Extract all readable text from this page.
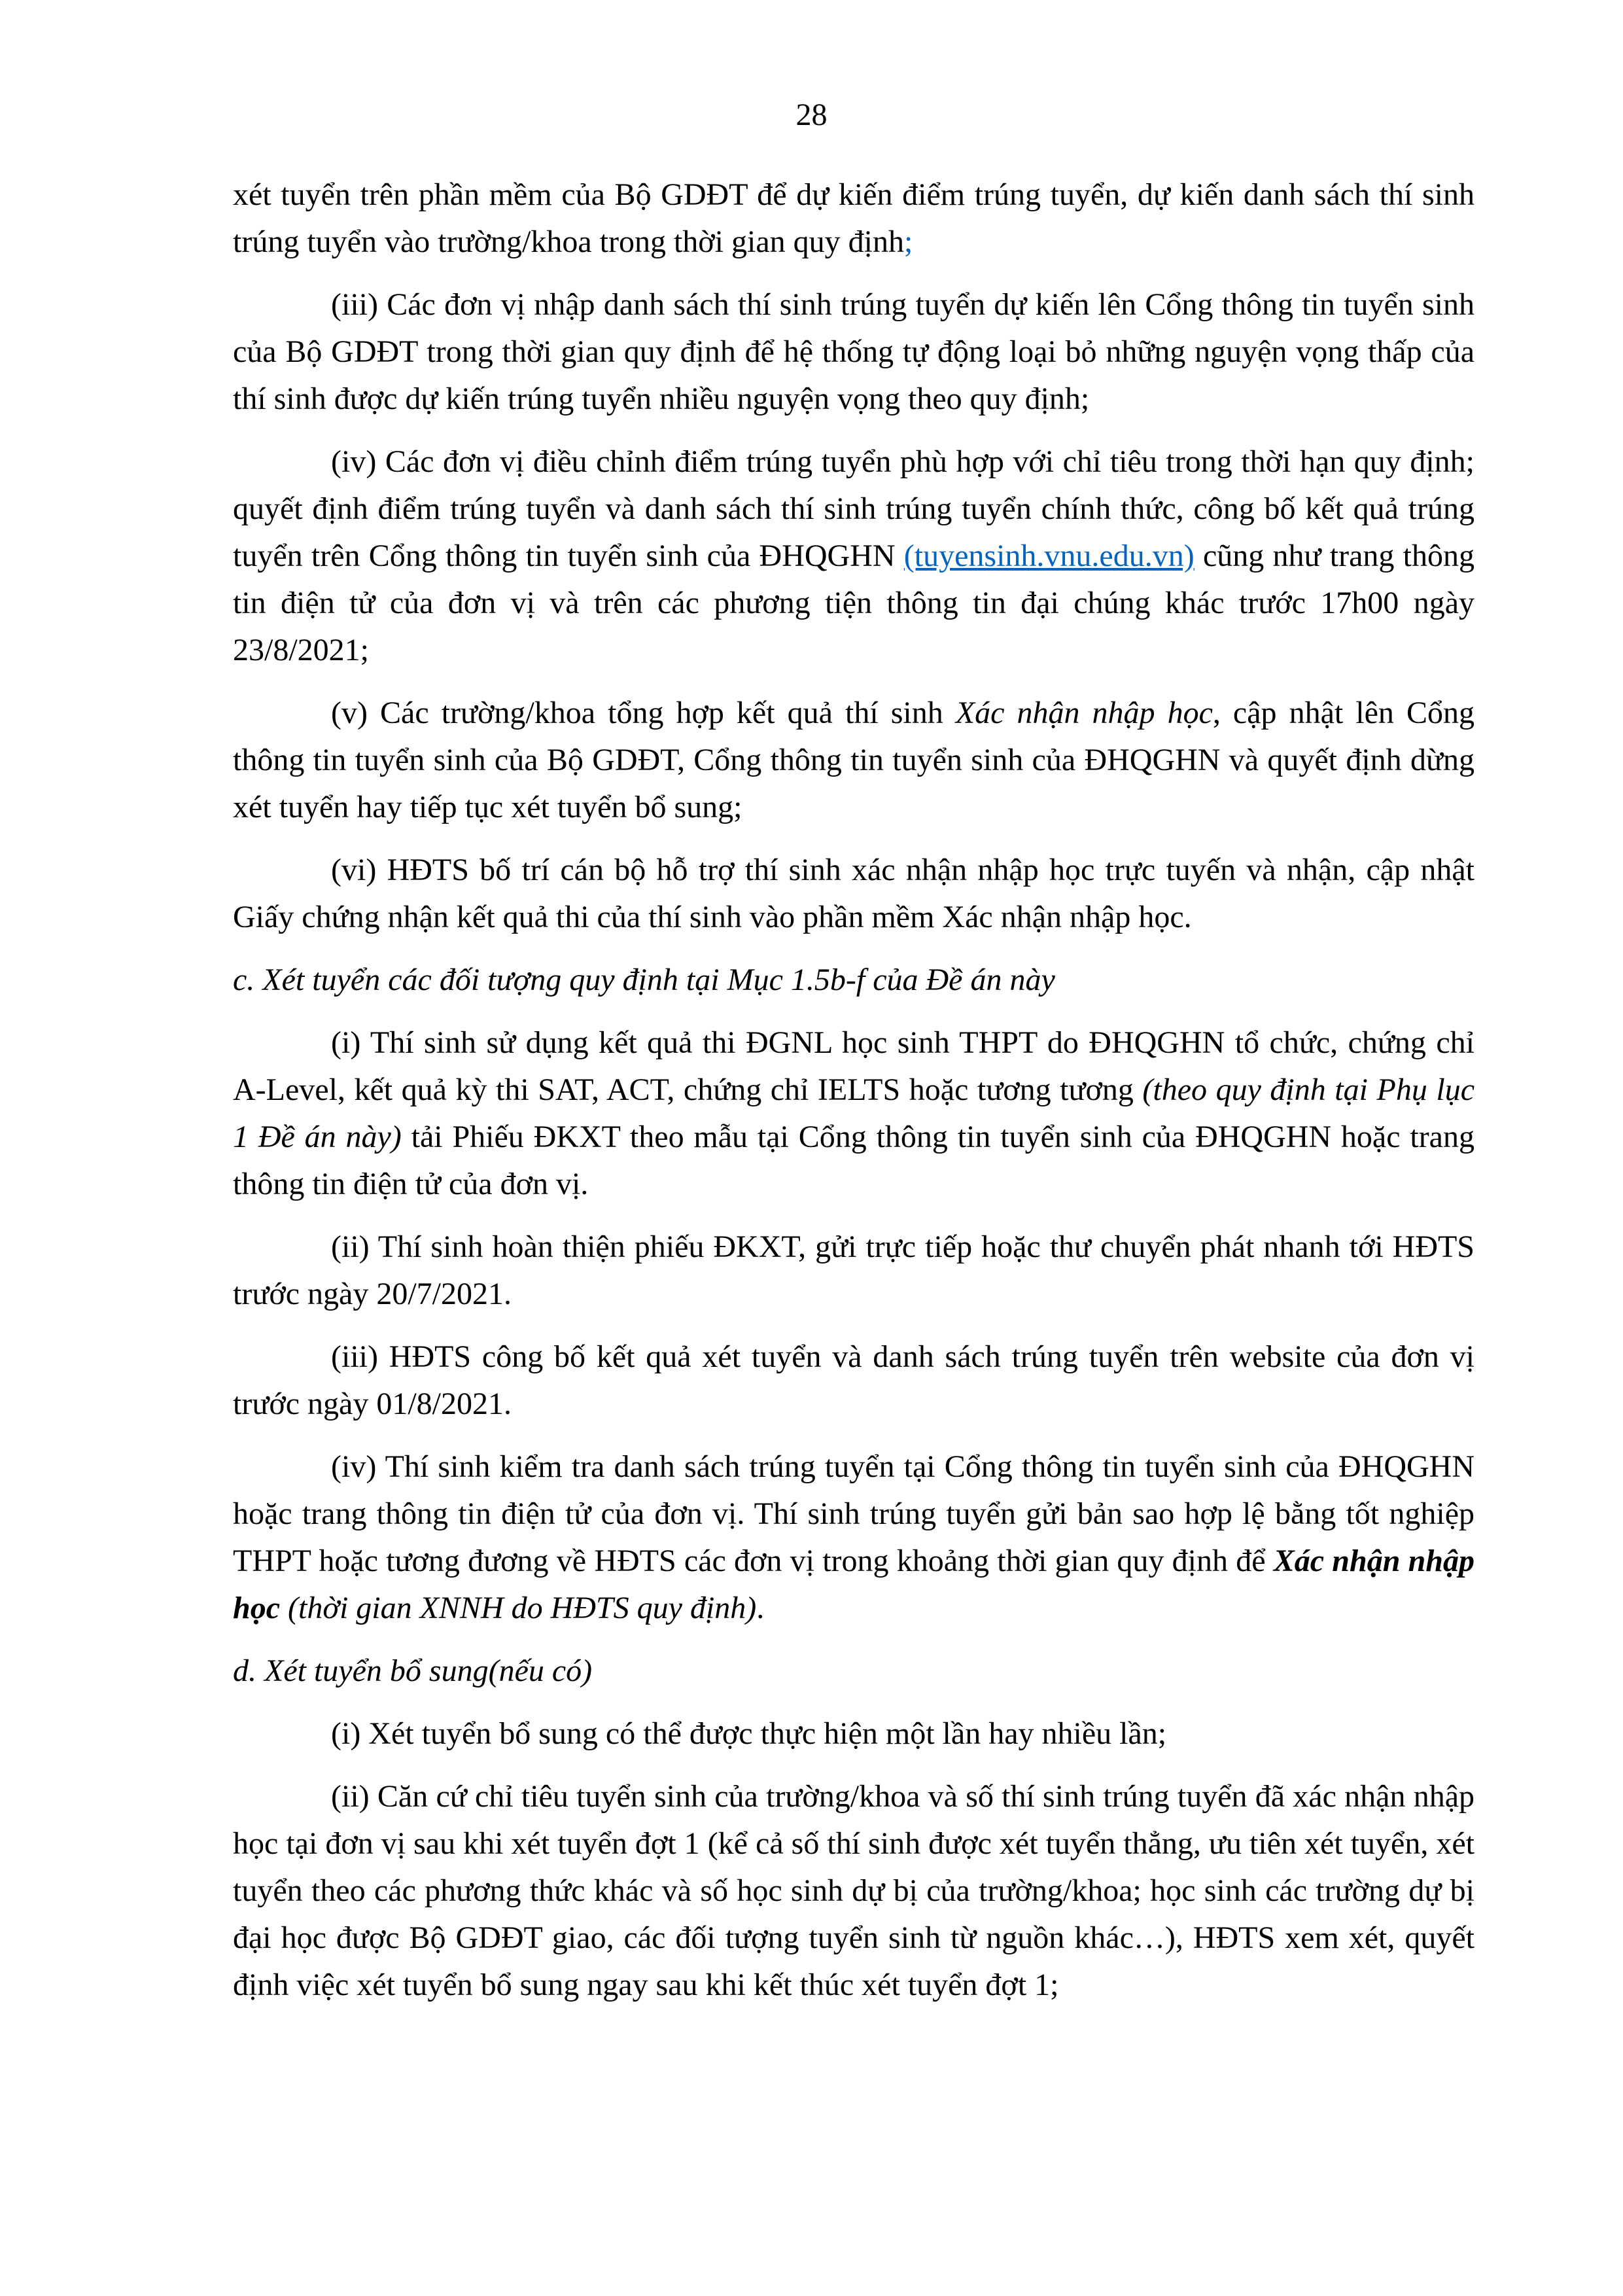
28

xét tuyển trên phần mềm của Bộ GDĐT để dự kiến điểm trúng tuyển, dự kiến danh sách thí sinh trúng tuyển vào trường/khoa trong thời gian quy định;

(iii) Các đơn vị nhập danh sách thí sinh trúng tuyển dự kiến lên Cổng thông tin tuyển sinh của Bộ GDĐT trong thời gian quy định để hệ thống tự động loại bỏ những nguyện vọng thấp của thí sinh được dự kiến trúng tuyển nhiều nguyện vọng theo quy định;

(iv) Các đơn vị điều chỉnh điểm trúng tuyển phù hợp với chỉ tiêu trong thời hạn quy định; quyết định điểm trúng tuyển và danh sách thí sinh trúng tuyển chính thức, công bố kết quả trúng tuyển trên Cổng thông tin tuyển sinh của ĐHQGHN (tuyensinh.vnu.edu.vn) cũng như trang thông tin điện tử của đơn vị và trên các phương tiện thông tin đại chúng khác trước 17h00 ngày 23/8/2021;

(v) Các trường/khoa tổng hợp kết quả thí sinh Xác nhận nhập học, cập nhật lên Cổng thông tin tuyển sinh của Bộ GDĐT, Cổng thông tin tuyển sinh của ĐHQGHN và quyết định dừng xét tuyển hay tiếp tục xét tuyển bổ sung;

(vi) HĐTS bố trí cán bộ hỗ trợ thí sinh xác nhận nhập học trực tuyến và nhận, cập nhật Giấy chứng nhận kết quả thi của thí sinh vào phần mềm Xác nhận nhập học.

c. Xét tuyển các đối tượng quy định tại Mục 1.5b-f của Đề án này

(i) Thí sinh sử dụng kết quả thi ĐGNL học sinh THPT do ĐHQGHN tổ chức, chứng chỉ A-Level, kết quả kỳ thi SAT, ACT, chứng chỉ IELTS hoặc tương tương (theo quy định tại Phụ lục 1 Đề án này) tải Phiếu ĐKXT theo mẫu tại Cổng thông tin tuyển sinh của ĐHQGHN hoặc trang thông tin điện tử của đơn vị.

(ii) Thí sinh hoàn thiện phiếu ĐKXT, gửi trực tiếp hoặc thư chuyển phát nhanh tới HĐTS trước ngày 20/7/2021.

(iii) HĐTS công bố kết quả xét tuyển và danh sách trúng tuyển trên website của đơn vị trước ngày 01/8/2021.

(iv) Thí sinh kiểm tra danh sách trúng tuyển tại Cổng thông tin tuyển sinh của ĐHQGHN hoặc trang thông tin điện tử của đơn vị. Thí sinh trúng tuyển gửi bản sao hợp lệ bằng tốt nghiệp THPT hoặc tương đương về HĐTS các đơn vị trong khoảng thời gian quy định để Xác nhận nhập học (thời gian XNNH do HĐTS quy định).

d. Xét tuyển bổ sung(nếu có)

(i) Xét tuyển bổ sung có thể được thực hiện một lần hay nhiều lần;

(ii) Căn cứ chỉ tiêu tuyển sinh của trường/khoa và số thí sinh trúng tuyển đã xác nhận nhập học tại đơn vị sau khi xét tuyển đợt 1 (kể cả số thí sinh được xét tuyển thẳng, ưu tiên xét tuyển, xét tuyển theo các phương thức khác và số học sinh dự bị của trường/khoa; học sinh các trường dự bị đại học được Bộ GDĐT giao, các đối tượng tuyển sinh từ nguồn khác…), HĐTS xem xét, quyết định việc xét tuyển bổ sung ngay sau khi kết thúc xét tuyển đợt 1;
